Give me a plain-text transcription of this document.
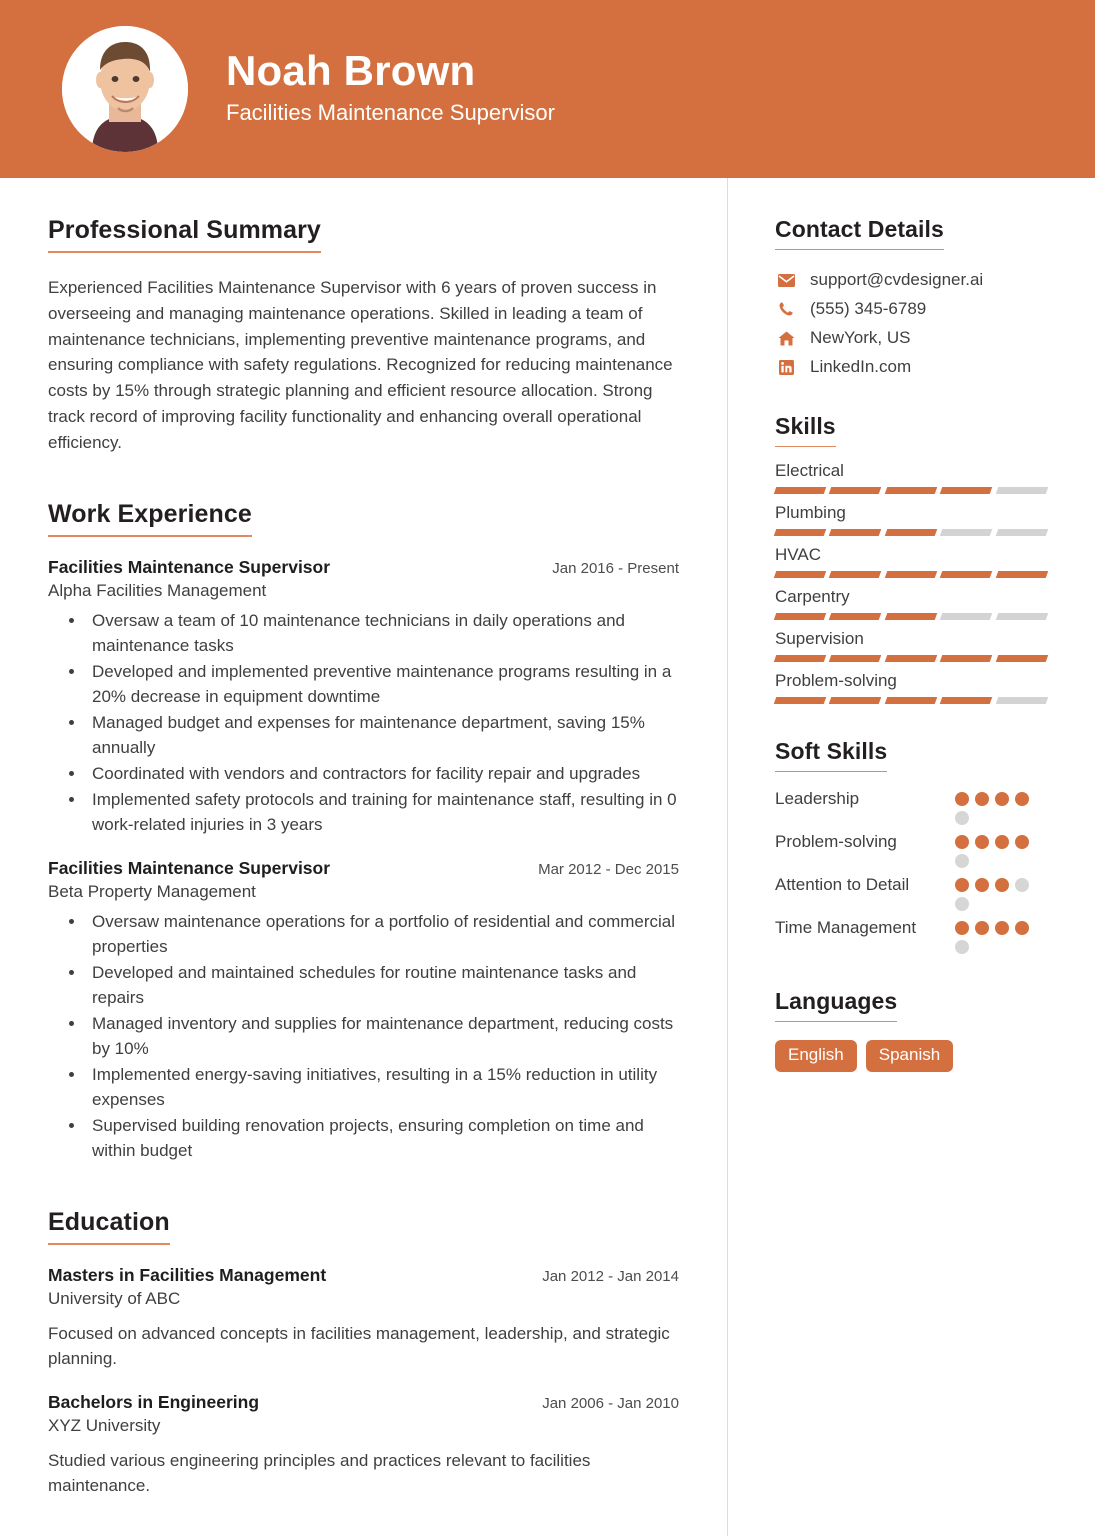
Noah Brown
Facilities Maintenance Supervisor
Professional Summary

Experienced Facilities Maintenance Supervisor with 6 years of proven success in overseeing and managing maintenance operations. Skilled in leading a team of maintenance technicians, implementing preventive maintenance programs, and ensuring compliance with safety regulations. Recognized for reducing maintenance costs by 15% through strategic planning and efficient resource allocation. Strong track record of improving facility functionality and enhancing overall operational efficiency.

Work Experience
Facilities Maintenance Supervisor	Jan 2016 - Present
Alpha Facilities Management
• Oversaw a team of 10 maintenance technicians in daily operations and maintenance tasks
• Developed and implemented preventive maintenance programs resulting in a 20% decrease in equipment downtime
• Managed budget and expenses for maintenance department, saving 15% annually
• Coordinated with vendors and contractors for facility repair and upgrades
• Implemented safety protocols and training for maintenance staff, resulting in 0 work-related injuries in 3 years
Facilities Maintenance Supervisor	Mar 2012 - Dec 2015
Beta Property Management
• Oversaw maintenance operations for a portfolio of residential and commercial properties
• Developed and maintained schedules for routine maintenance tasks and repairs
• Managed inventory and supplies for maintenance department, reducing costs by 10%
• Implemented energy-saving initiatives, resulting in a 15% reduction in utility expenses
• Supervised building renovation projects, ensuring completion on time and within budget
Education
Masters in Facilities Management	Jan 2012 - Jan 2014
University of ABC
Focused on advanced concepts in facilities management, leadership, and strategic planning.
Bachelors in Engineering	Jan 2006 - Jan 2010
XYZ University
Studied various engineering principles and practices relevant to facilities maintenance.
Contact Details
support@cvdesigner.ai
(555) 345-6789
NewYork, US
LinkedIn.com
Skills
Electrical
Plumbing
HVAC
Carpentry
Supervision
Problem-solving
Soft Skills
Leadership
Problem-solving
Attention to Detail
Time Management
Languages
English	Spanish
